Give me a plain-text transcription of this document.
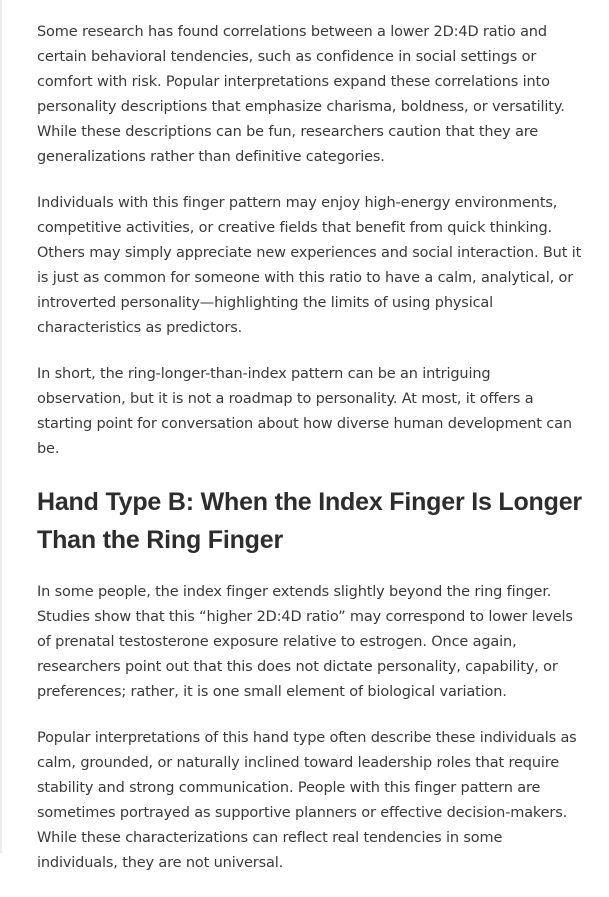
Some research has found correlations between a lower 2D:4D ratio and certain behavioral tendencies, such as confidence in social settings or comfort with risk. Popular interpretations expand these correlations into personality descriptions that emphasize charisma, boldness, or versatility. While these descriptions can be fun, researchers caution that they are generalizations rather than definitive categories.

Individuals with this finger pattern may enjoy high-energy environments, competitive activities, or creative fields that benefit from quick thinking. Others may simply appreciate new experiences and social interaction. But it is just as common for someone with this ratio to have a calm, analytical, or introverted personality—highlighting the limits of using physical characteristics as predictors.

In short, the ring-longer-than-index pattern can be an intriguing observation, but it is not a roadmap to personality. At most, it offers a starting point for conversation about how diverse human development can be.

Hand Type B: When the Index Finger Is Longer Than the Ring Finger

In some people, the index finger extends slightly beyond the ring finger. Studies show that this “higher 2D:4D ratio” may correspond to lower levels of prenatal testosterone exposure relative to estrogen. Once again, researchers point out that this does not dictate personality, capability, or preferences; rather, it is one small element of biological variation.

Popular interpretations of this hand type often describe these individuals as calm, grounded, or naturally inclined toward leadership roles that require stability and strong communication. People with this finger pattern are sometimes portrayed as supportive planners or effective decision-makers. While these characterizations can reflect real tendencies in some individuals, they are not universal.
